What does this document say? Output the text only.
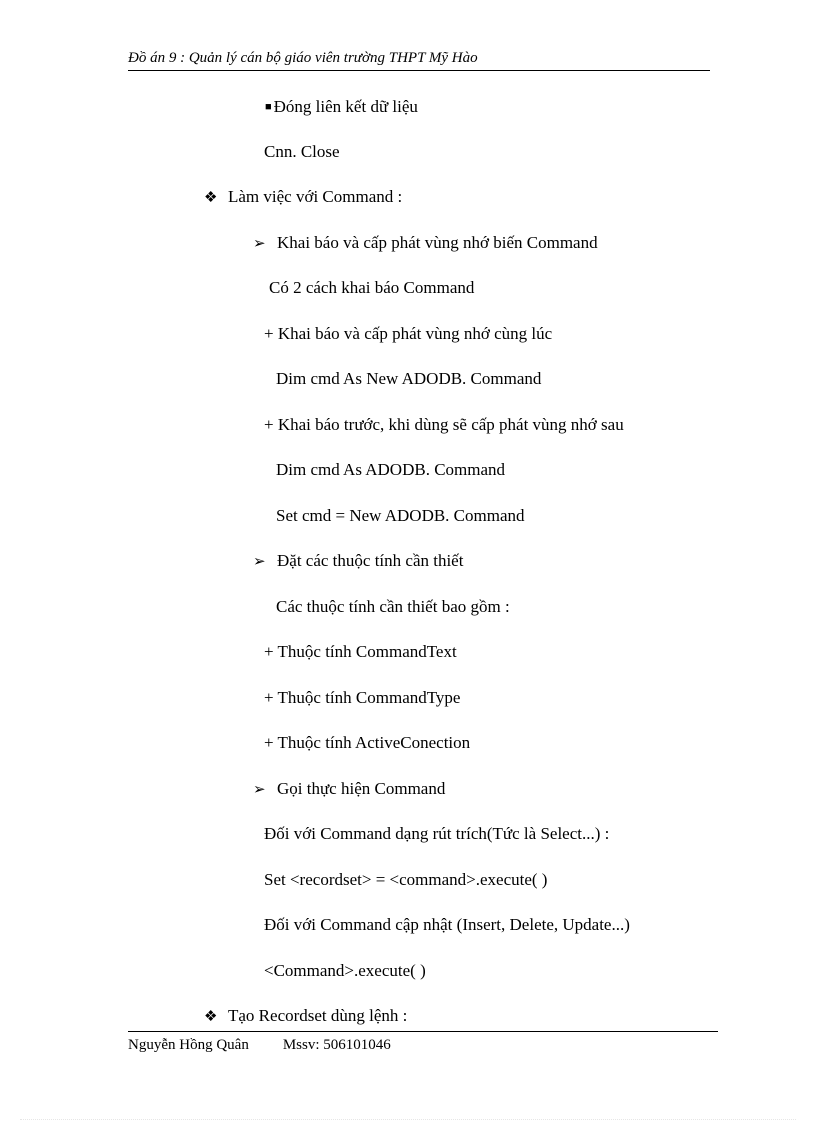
Đồ án 9 : Quản lý cán bộ giáo viên trường THPT Mỹ Hào
■ Đóng liên kết dữ liệu
Cnn. Close
❖ Làm việc với Command :
➢ Khai báo và cấp phát vùng nhớ biến Command
Có 2 cách khai báo Command
+ Khai báo và cấp phát vùng nhớ cùng lúc
Dim cmd As New ADODB. Command
+ Khai báo trước, khi dùng sẽ cấp phát vùng nhớ sau
Dim cmd As ADODB. Command
Set cmd = New ADODB. Command
➢ Đặt các thuộc tính cần thiết
Các thuộc tính cần thiết bao gồm :
+ Thuộc tính CommandText
+ Thuộc tính CommandType
+ Thuộc tính ActiveConection
➢ Gọi thực hiện Command
Đối với Command dạng rút trích(Tức là Select...) :
Set <recordset> = <command>.execute( )
Đối với Command cập nhật (Insert, Delete, Update...)
<Command>.execute( )
❖ Tạo Recordset dùng lệnh :
Nguyễn Hồng Quân Mssv: 506101046
